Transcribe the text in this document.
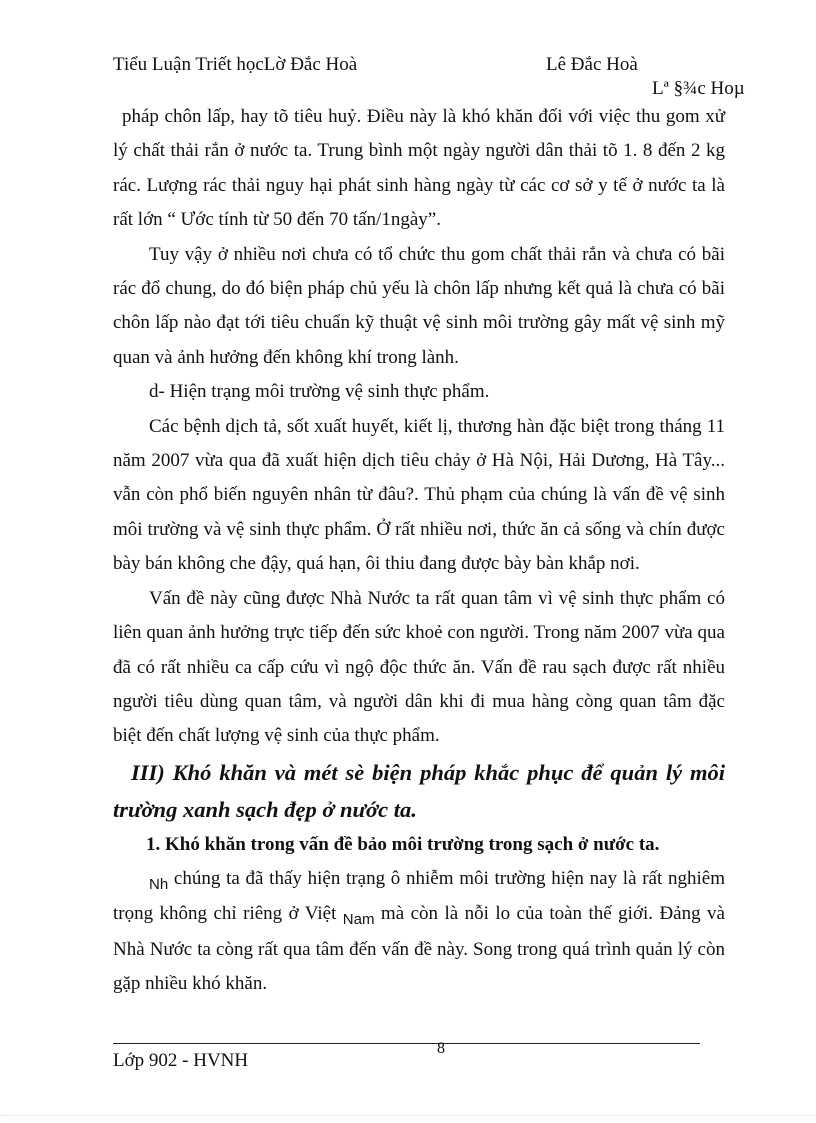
Tiểu Luận Triết họcLờ Đắc Hoà	Lê Đắc Hoà
Lª §¾c Hoµ

pháp chôn lấp, hay tõ tiêu huỷ. Điều này là khó khăn đối với việc thu gom xử lý chất thải rắn ở nước ta. Trung bình một ngày người dân thải tõ 1. 8 đến 2 kg rác. Lượng rác thải nguy hại phát sinh hàng ngày từ các cơ sở y tế ở nước ta là rất lớn “ Ước tính từ 50 đến 70 tấn/1ngày”.

Tuy vậy ở nhiều nơi chưa có tổ chức thu gom chất thải rắn và chưa có bãi rác đổ chung, do đó biện pháp chủ yếu là chôn lấp nhưng kết quả là chưa có bãi chôn lấp nào đạt tới tiêu chuẩn kỹ thuật vệ sinh môi trường gây mất vệ sinh mỹ quan và ảnh hưởng đến không khí trong lành.

d- Hiện trạng môi trường vệ sinh thực phẩm.

Các bệnh dịch tả, sốt xuất huyết, kiết lị, thương hàn đặc biệt trong tháng 11 năm 2007 vừa qua đã xuất hiện dịch tiêu chảy ở Hà Nội, Hải Dương, Hà Tây... vẫn còn phổ biến nguyên nhân từ đâu?. Thủ phạm của chúng là vấn đề vệ sinh môi trường và vệ sinh thực phẩm. Ở rất nhiều nơi, thức ăn cả sống và chín được bày bán không che đậy, quá hạn, ôi thiu đang được bày bàn khắp nơi.

Vấn đề này cũng được Nhà Nước ta rất quan tâm vì vệ sinh thực phẩm có liên quan ảnh hưởng trực tiếp đến sức khoẻ con người. Trong năm 2007 vừa qua đã có rất nhiều ca cấp cứu vì ngộ độc thức ăn. Vấn đề rau sạch được rất nhiều người tiêu dùng quan tâm, và người dân khi đi mua hàng còng quan tâm đặc biệt đến chất lượng vệ sinh của thực phẩm.

III) Khó khăn và mét sè biện pháp khắc phục để quản lý môi trường xanh sạch đẹp ở nước ta.

1. Khó khăn trong vấn đề bảo môi trường trong sạch ở nước ta.

$_{Nh}$ chúng ta đã thấy hiện trạng ô nhiễm môi trường hiện nay là rất nghiêm trọng không chỉ riêng ở Việt $_{Nam}$ mà còn là nỗi lo của toàn thế giới. Đảng và Nhà Nước ta còng rất qua tâm đến vấn đề này. Song trong quá trình quản lý còn gặp nhiều khó khăn.

8
Lớp 902 - HVNH
